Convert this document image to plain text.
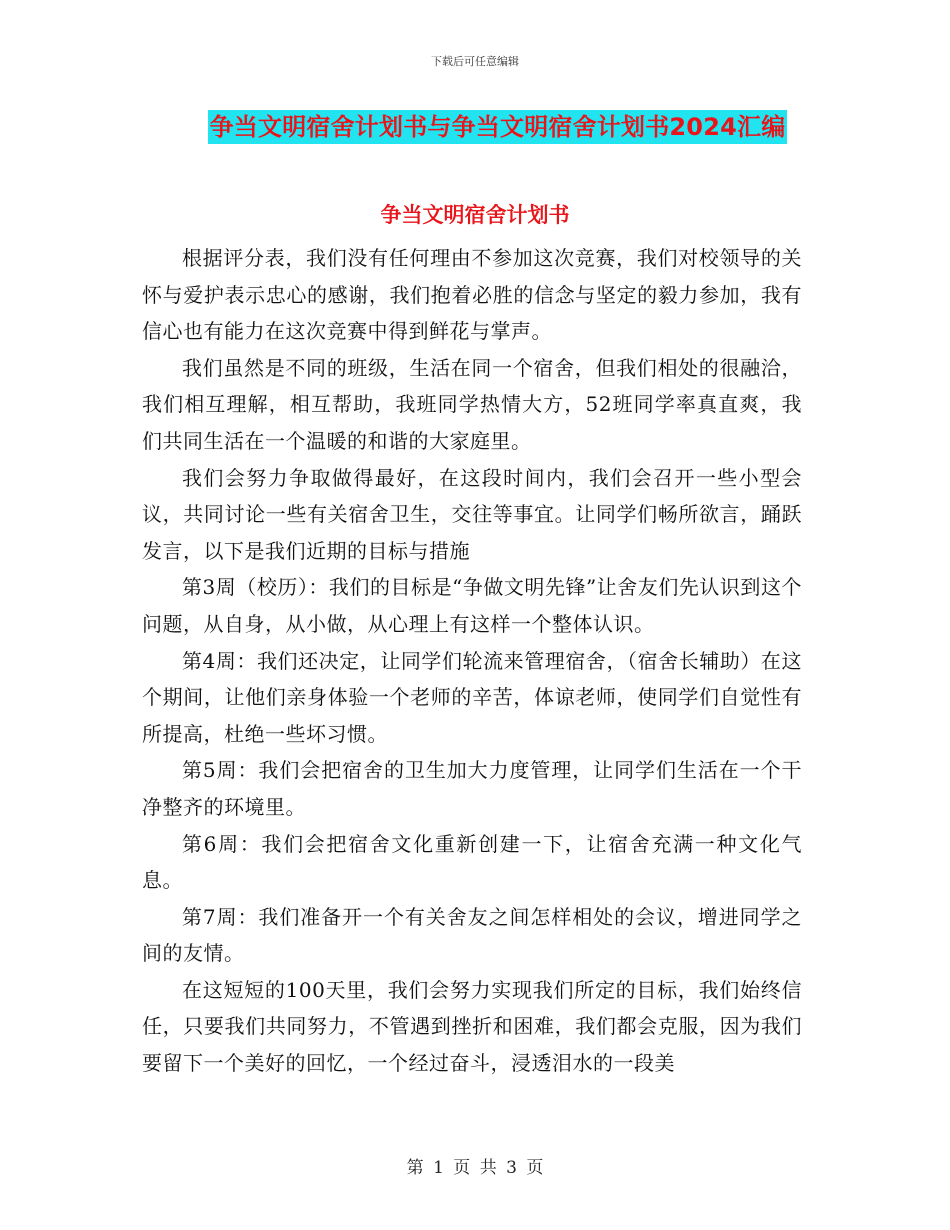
下载后可任意编辑
争当文明宿舍计划书与争当文明宿舍计划书2024汇编
争当文明宿舍计划书

根据评分表，我们没有任何理由不参加这次竞赛，我们对校领导的关怀与爱护表示忠心的感谢，我们抱着必胜的信念与坚定的毅力参加，我有信心也有能力在这次竞赛中得到鲜花与掌声。

我们虽然是不同的班级，生活在同一个宿舍，但我们相处的很融洽，我们相互理解，相互帮助，我班同学热情大方，52班同学率真直爽，我们共同生活在一个温暖的和谐的大家庭里。

我们会努力争取做得最好，在这段时间内，我们会召开一些小型会议，共同讨论一些有关宿舍卫生，交往等事宜。让同学们畅所欲言，踊跃发言，以下是我们近期的目标与措施

第3周（校历）：我们的目标是“争做文明先锋”让舍友们先认识到这个问题，从自身，从小做，从心理上有这样一个整体认识。

第4周：我们还决定，让同学们轮流来管理宿舍，（宿舍长辅助）在这个期间，让他们亲身体验一个老师的辛苦，体谅老师，使同学们自觉性有所提高，杜绝一些坏习惯。

第5周：我们会把宿舍的卫生加大力度管理，让同学们生活在一个干净整齐的环境里。

第6周：我们会把宿舍文化重新创建一下，让宿舍充满一种文化气息。

第7周：我们准备开一个有关舍友之间怎样相处的会议，增进同学之间的友情。

在这短短的100天里，我们会努力实现我们所定的目标，我们始终信任，只要我们共同努力，不管遇到挫折和困难，我们都会克服，因为我们要留下一个美好的回忆，一个经过奋斗，浸透泪水的一段美

第 1 页 共 3 页
